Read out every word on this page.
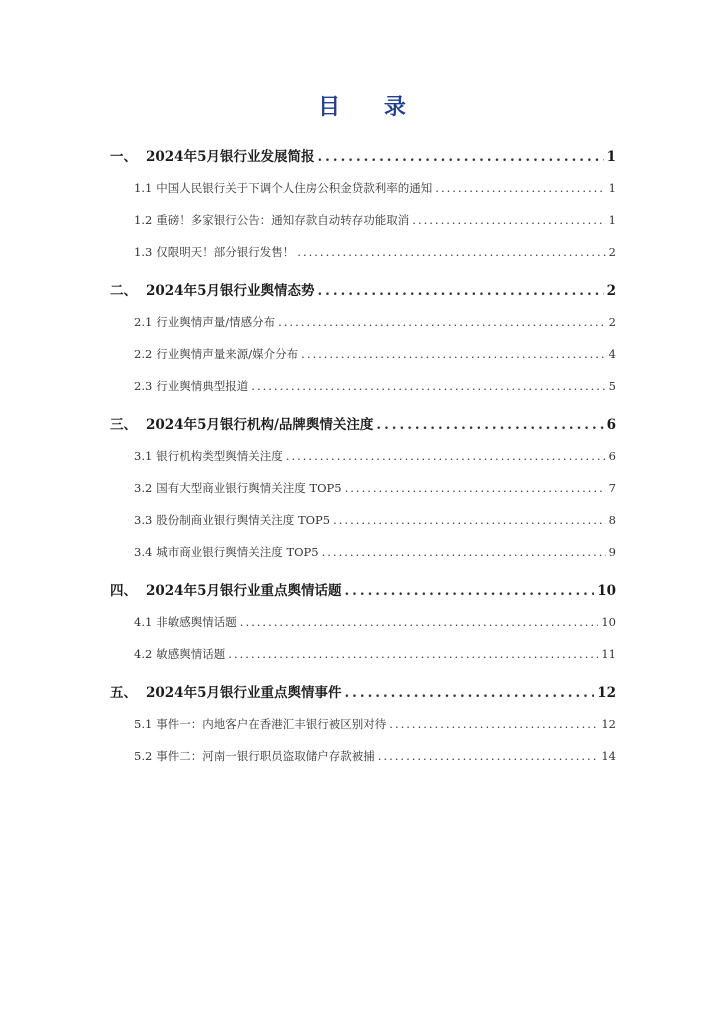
目 录
一、 2024年5月银行业发展简报 .....	1
1.1 中国人民银行关于下调个人住房公积金贷款利率的通知 .....	1
1.2 重磅！多家银行公告：通知存款自动转存功能取消 .....	1
1.3 仅限明天！部分银行发售！ .....	2
二、 2024年5月银行业舆情态势 .....	2
2.1 行业舆情声量/情感分布 .....	2
2.2 行业舆情声量来源/媒介分布 .....	4
2.3 行业舆情典型报道 .....	5
三、 2024年5月银行机构/品牌舆情关注度 .....	6
3.1 银行机构类型舆情关注度 .....	6
3.2 国有大型商业银行舆情关注度 TOP5 .....	7
3.3 股份制商业银行舆情关注度 TOP5 .....	8
3.4 城市商业银行舆情关注度 TOP5 .....	9
四、 2024年5月银行业重点舆情话题 .....	10
4.1 非敏感舆情话题 .....	10
4.2 敏感舆情话题 .....	11
五、 2024年5月银行业重点舆情事件 .....	12
5.1 事件一：内地客户在香港汇丰银行被区别对待 .....	12
5.2 事件二：河南一银行职员盗取储户存款被捕 .....	14
